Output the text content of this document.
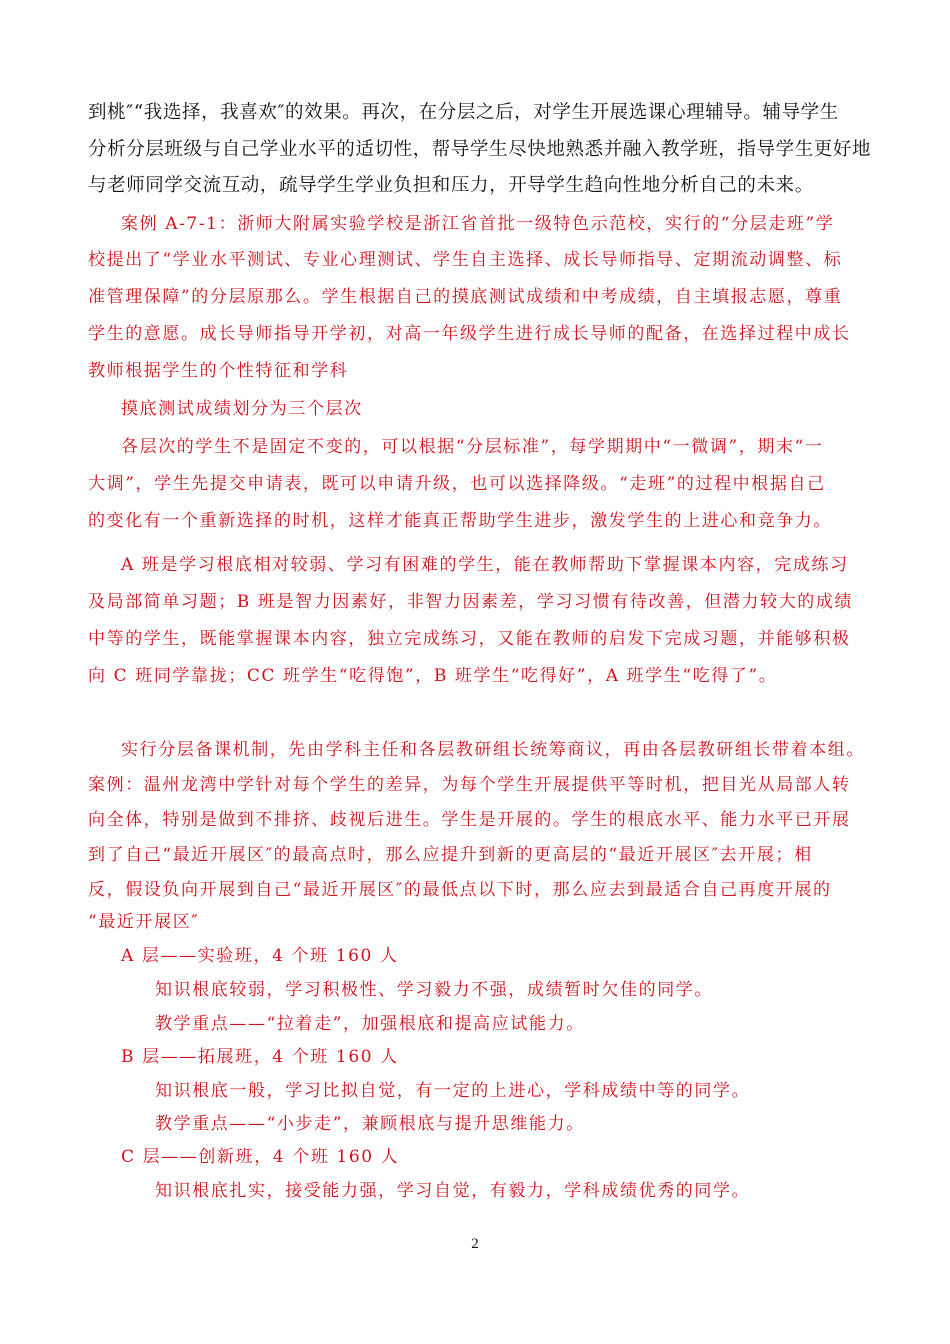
到桃″“我选择，我喜欢″的效果。再次，在分层之后，对学生开展选课心理辅导。辅导学生
分析分层班级与自己学业水平的适切性，帮导学生尽快地熟悉并融入教学班，指导学生更好地
与老师同学交流互动，疏导学生学业负担和压力，开导学生趋向性地分析自己的未来。
案例 A-7-1：浙师大附属实验学校是浙江省首批一级特色示范校，实行的“分层走班”学
校提出了“学业水平测试、专业心理测试、学生自主选择、成长导师指导、定期流动调整、标
准管理保障”的分层原那么。学生根据自己的摸底测试成绩和中考成绩，自主填报志愿，尊重
学生的意愿。成长导师指导开学初，对高一年级学生进行成长导师的配备，在选择过程中成长
教师根据学生的个性特征和学科
摸底测试成绩划分为三个层次
各层次的学生不是固定不变的，可以根据“分层标准”，每学期期中“一微调”，期末“一
大调”，学生先提交申请表，既可以申请升级，也可以选择降级。“走班”的过程中根据自己
的变化有一个重新选择的时机，这样才能真正帮助学生进步，激发学生的上进心和竞争力。
A 班是学习根底相对较弱、学习有困难的学生，能在教师帮助下掌握课本内容，完成练习
及局部简单习题；B 班是智力因素好，非智力因素差，学习习惯有待改善，但潜力较大的成绩
中等的学生，既能掌握课本内容，独立完成练习，又能在教师的启发下完成习题，并能够积极
向 C 班同学靠拢；CC 班学生“吃得饱”，B 班学生“吃得好”，A 班学生“吃得了”。
实行分层备课机制，先由学科主任和各层教研组长统筹商议，再由各层教研组长带着本组。
案例：温州龙湾中学针对每个学生的差异，为每个学生开展提供平等时机，把目光从局部人转
向全体，特别是做到不排挤、歧视后进生。学生是开展的。学生的根底水平、能力水平已开展
到了自己“最近开展区″的最高点时，那么应提升到新的更高层的“最近开展区″去开展；相
反，假设负向开展到自己“最近开展区″的最低点以下时，那么应去到最适合自己再度开展的
“最近开展区″
A 层——实验班，4 个班 160 人
知识根底较弱，学习积极性、学习毅力不强，成绩暂时欠佳的同学。
教学重点——“拉着走”，加强根底和提高应试能力。
B 层——拓展班，4 个班 160 人
知识根底一般，学习比拟自觉，有一定的上进心，学科成绩中等的同学。
教学重点——“小步走”，兼顾根底与提升思维能力。
C 层——创新班，4 个班 160 人
知识根底扎实，接受能力强，学习自觉，有毅力，学科成绩优秀的同学。
2
